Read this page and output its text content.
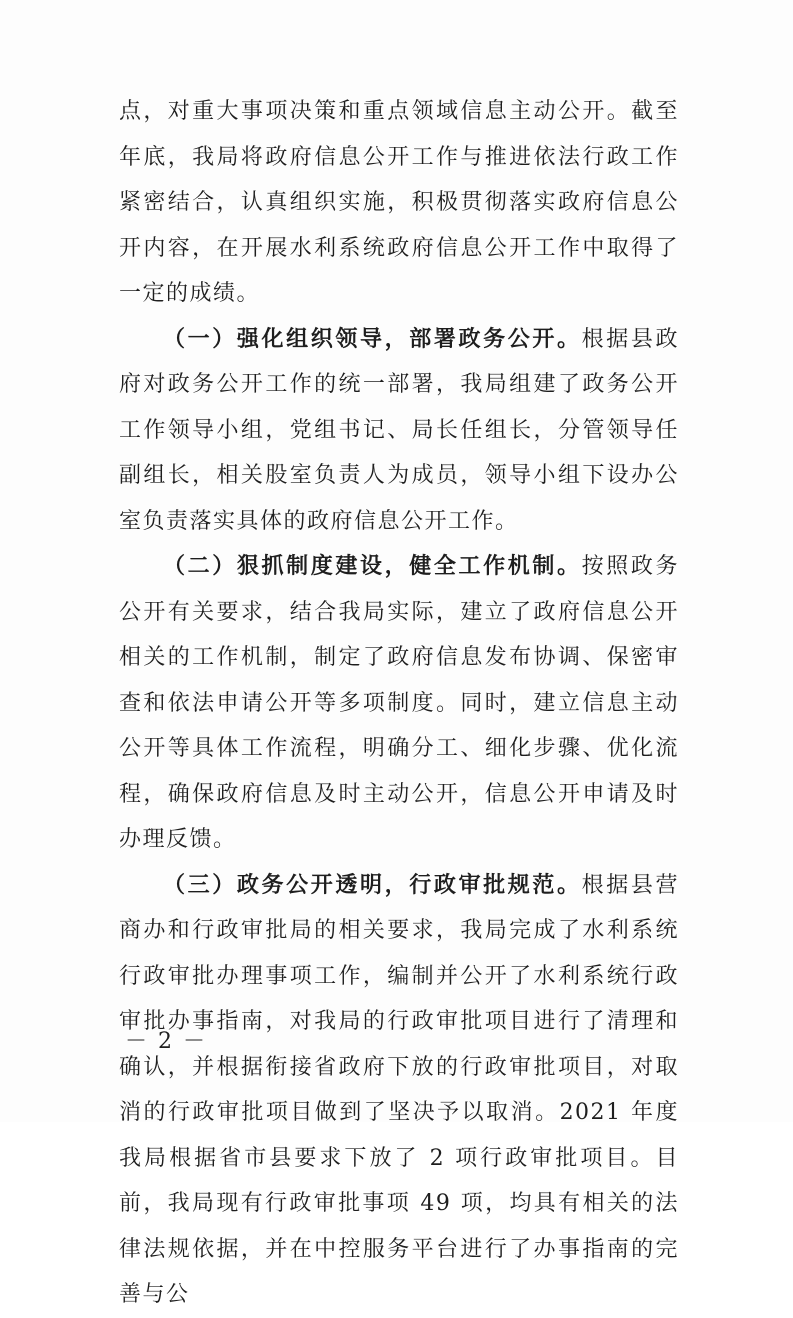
点，对重大事项决策和重点领域信息主动公开。截至年底，我局将政府信息公开工作与推进依法行政工作紧密结合，认真组织实施，积极贯彻落实政府信息公开内容，在开展水利系统政府信息公开工作中取得了一定的成绩。

（一）强化组织领导，部署政务公开。根据县政府对政务公开工作的统一部署，我局组建了政务公开工作领导小组，党组书记、局长任组长，分管领导任副组长，相关股室负责人为成员，领导小组下设办公室负责落实具体的政府信息公开工作。

（二）狠抓制度建设，健全工作机制。按照政务公开有关要求，结合我局实际，建立了政府信息公开相关的工作机制，制定了政府信息发布协调、保密审查和依法申请公开等多项制度。同时，建立信息主动公开等具体工作流程，明确分工、细化步骤、优化流程，确保政府信息及时主动公开，信息公开申请及时办理反馈。

（三）政务公开透明，行政审批规范。根据县营商办和行政审批局的相关要求，我局完成了水利系统行政审批办理事项工作，编制并公开了水利系统行政审批办事指南，对我局的行政审批项目进行了清理和确认，并根据衔接省政府下放的行政审批项目，对取消的行政审批项目做到了坚决予以取消。2021 年度我局根据省市县要求下放了 2 项行政审批项目。目前，我局现有行政审批事项 49 项，均具有相关的法律法规依据，并在中控服务平台进行了办事指南的完善与公

－ 2 －
